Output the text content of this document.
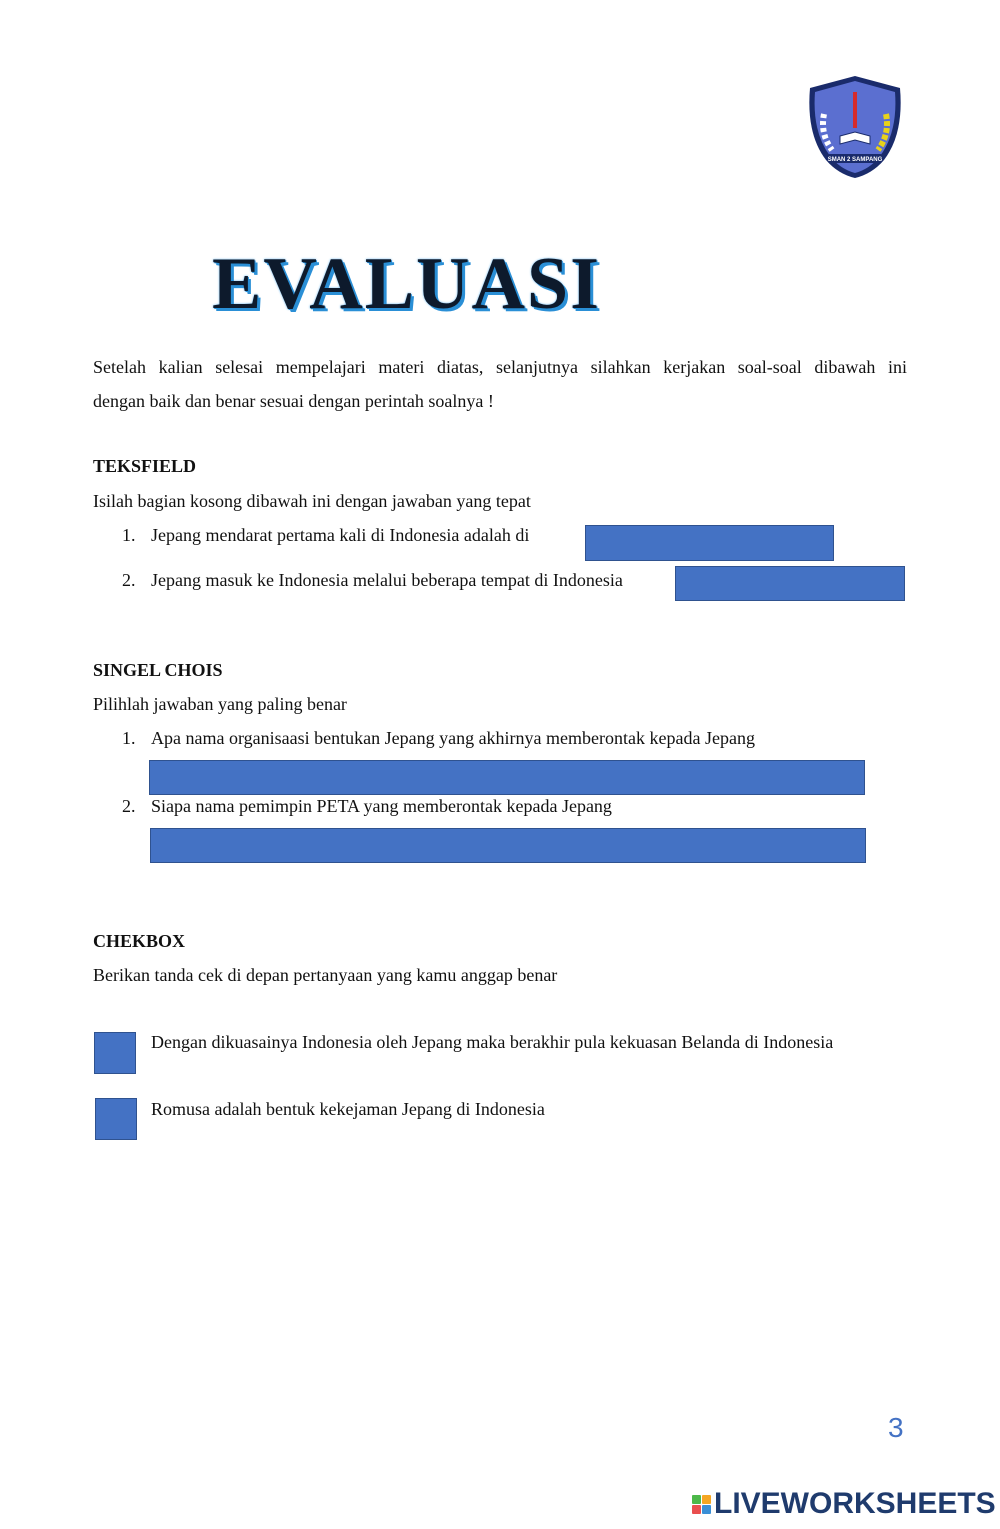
SMAN 2 SAMPANG
EVALUASI
Setelah kalian selesai mempelajari materi diatas, selanjutnya silahkan kerjakan soal-soal dibawah ini
dengan baik dan benar sesuai dengan perintah soalnya !
TEKSFIELD
Isilah bagian kosong dibawah ini dengan jawaban yang tepat
1. Jepang mendarat pertama kali di Indonesia adalah di
2. Jepang masuk ke Indonesia melalui beberapa tempat di Indonesia
SINGEL CHOIS
Pilihlah jawaban yang paling benar
1. Apa nama organisaasi bentukan Jepang yang akhirnya memberontak kepada Jepang
2. Siapa nama pemimpin PETA yang memberontak kepada Jepang
CHEKBOX
Berikan tanda cek di depan pertanyaan yang kamu anggap benar
Dengan dikuasainya Indonesia oleh Jepang maka berakhir pula kekuasan Belanda di Indonesia
Romusa adalah bentuk kekejaman Jepang di Indonesia
3
LIVEWORKSHEETS
